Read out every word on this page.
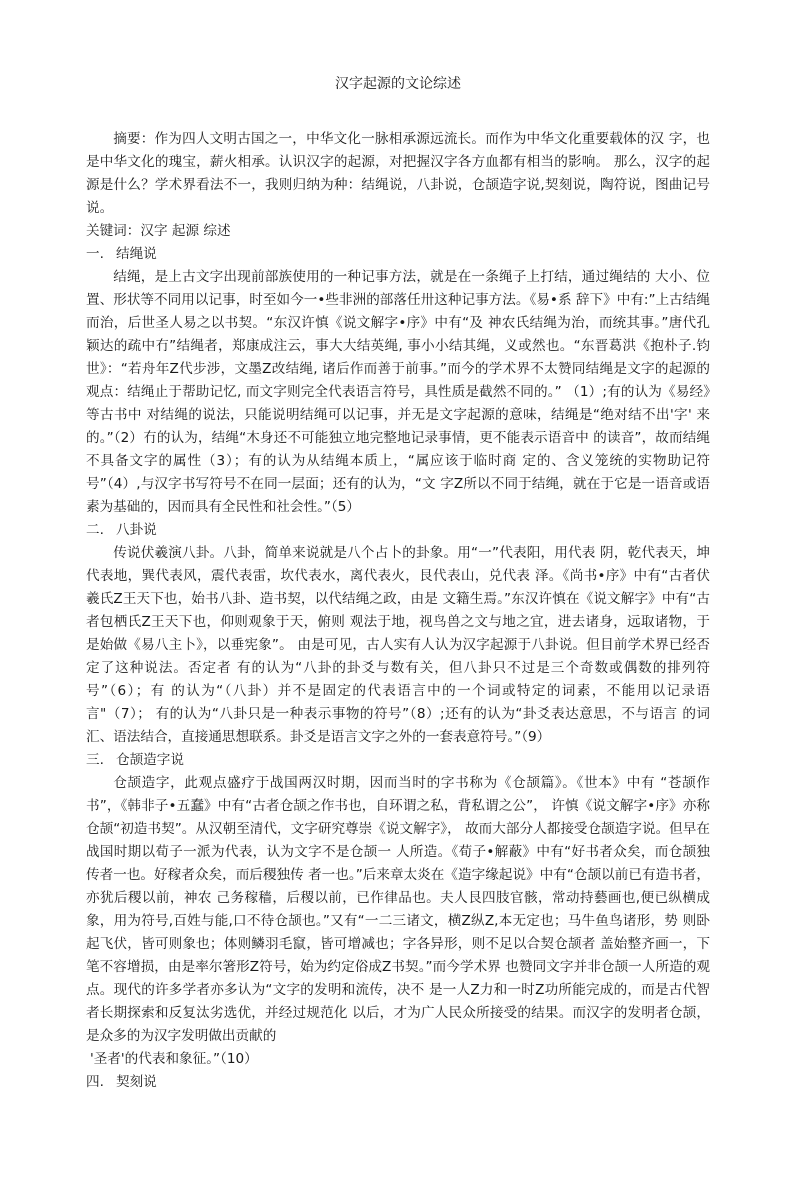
汉字起源的文论综述

摘要：作为四人文明古国之一，中华文化一脉相承源远流长。而作为中华文化重要载体的汉 字，也是中华文化的瑰宝，薪火相承。认识汉字的起源，对把握汉字各方血都有相当的影响。 那么，汉字的起源是什么？学术界看法不一，我则归纳为种：结绳说，八卦说，仓颉造字说,契刻说，陶符说，图曲记号说。

关键词：汉字 起源 综述

一. 结绳说

结绳，是上古文字出现前部族使用的一种记事方法，就是在一条绳子上打结，通过绳结的 大小、位置、形状等不同用以记事，时至如今一•些非洲的部落任卅这种记事方法。《易•系 辞下》中有:”上古结绳而治，后世圣人易之以书契。“东汉许慎《说文解字•序》中有“及 神农氏结绳为治，而统其事。”唐代孔颖达的疏中冇”结绳者，郑康成注云，事大大结英绳, 事小小结其绳，义或然也。“东晋葛洪《抱朴子.钧世》：“若舟年Z代步涉，文墨Z改结绳, 诸后作而善于前事。”而今的学术界不太赞同结绳是文字的起源的观点：结绳止于帮助记忆, 而文字则完全代表语言符号，具性质是截然不同的。” （1）;有的认为《易经》等古书中 对结绳的说法，只能说明结绳可以记事，并无是文字起源的意味，结绳是“绝对结不出'字' 来的。”（2）冇的认为，结绳“木身还不可能独立地完整地记录事情，更不能表示语音中 的读音”，故而结绳不具备文字的属性（3）；有的认为从结绳本质上，“属应该于临时商 定的、含义笼统的实物助记符号”（4）,与汉字书写符号不在同一层面；还有的认为，“文 字Z所以不同于结绳，就在于它是一语音或语素为基础的，因而具有全民性和社会性。”（5）

二. 八卦说

传说伏羲演八卦。八卦，简单来说就是八个占卜的卦象。用“一”代表阳，用代表 阴，乾代表天，坤代表地，巽代表风，震代表雷，坎代表水，离代表火，艮代表山，兑代表 泽。《尚书•序》中有“古者伏羲氏Z王天下也，始书八卦、造书契，以代结绳之政，由是 文籍生焉。”东汉许慎在《说文解字》中有“古者包栖氏Z王天下也，仰则观象于天，俯则 观法于地，视鸟兽之文与地之宜，进去诸身，远取诸物，于是始做《易八主卜》，以垂宪象”。 由是可见，古人实有人认为汉字起源于八卦说。但目前学术界已经否定了这种说法。否定者 有的认为“八卦的卦爻与数有关，但八卦只不过是三个奇数或偶数的排列符号”（6）；有 的认为“（八卦）并不是固定的代表语言中的一个词或特定的词素，不能用以记录语言"（7）； 有的认为“八卦只是一种表示事物的符号”（8）;还有的认为“卦爻表达意思，不与语言 的词汇、语法结合，直接通思想联系。卦爻是语言文字之外的一套表意符号。”（9）

三. 仓颉造字说

仓颉造字，此观点盛疗于战国两汉时期，因而当时的字书称为《仓颉篇》。《世本》中有 “苍颉作书”，《韩非子•五蠢》中有“古者仓颉之作书也，自环谓之私，背私谓之公”， 许慎《说文解字•序》亦称仓颉“初造书契”。从汉朝至清代，文字研究尊崇《说文解字》， 故而大部分人都接受仓颉造字说。但早在战国时期以荀子一派为代表，认为文字不是仓颉一 人所造。《荀子•解蔽》中有“好书者众矣，而仓颉独传者一也。好稼者众矣，而后稷独传 者一也。”后来章太炎在《造字缘起说》中有“仓颉以前已有造书者，亦犹后稷以前，神农 己务稼穑，后稷以前，已作律品也。夫人艮四肢官骸，常动持藝画也,便已纵横成象，用为符号,百姓与能,口不待仓颉也。”又有“一二三诸文，横Z纵Z,本无定也；马牛鱼鸟诸形，势 则卧起飞伏，皆可则象也；体则鳞羽毛竄，皆可增减也；字各异形，则不足以合契仓颉者 盖始整齐画一，下笔不容增损，由是率尔箸形Z符号，始为约定俗成Z书契。”而今学术界 也赞同文字并非仓颉一人所造的观点。现代的许多学者亦多认为“文字的发明和流传，决不 是一人Z力和一时Z功所能完成的，而是古代智者长期探索和反复汰劣选优，并经过规范化 以后，才为广人民众所接受的结果。而汉字的发明者仓颉，是众多的为汉字发明做出贡献的

'圣者'的代表和象征。”（10）

四. 契刻说
